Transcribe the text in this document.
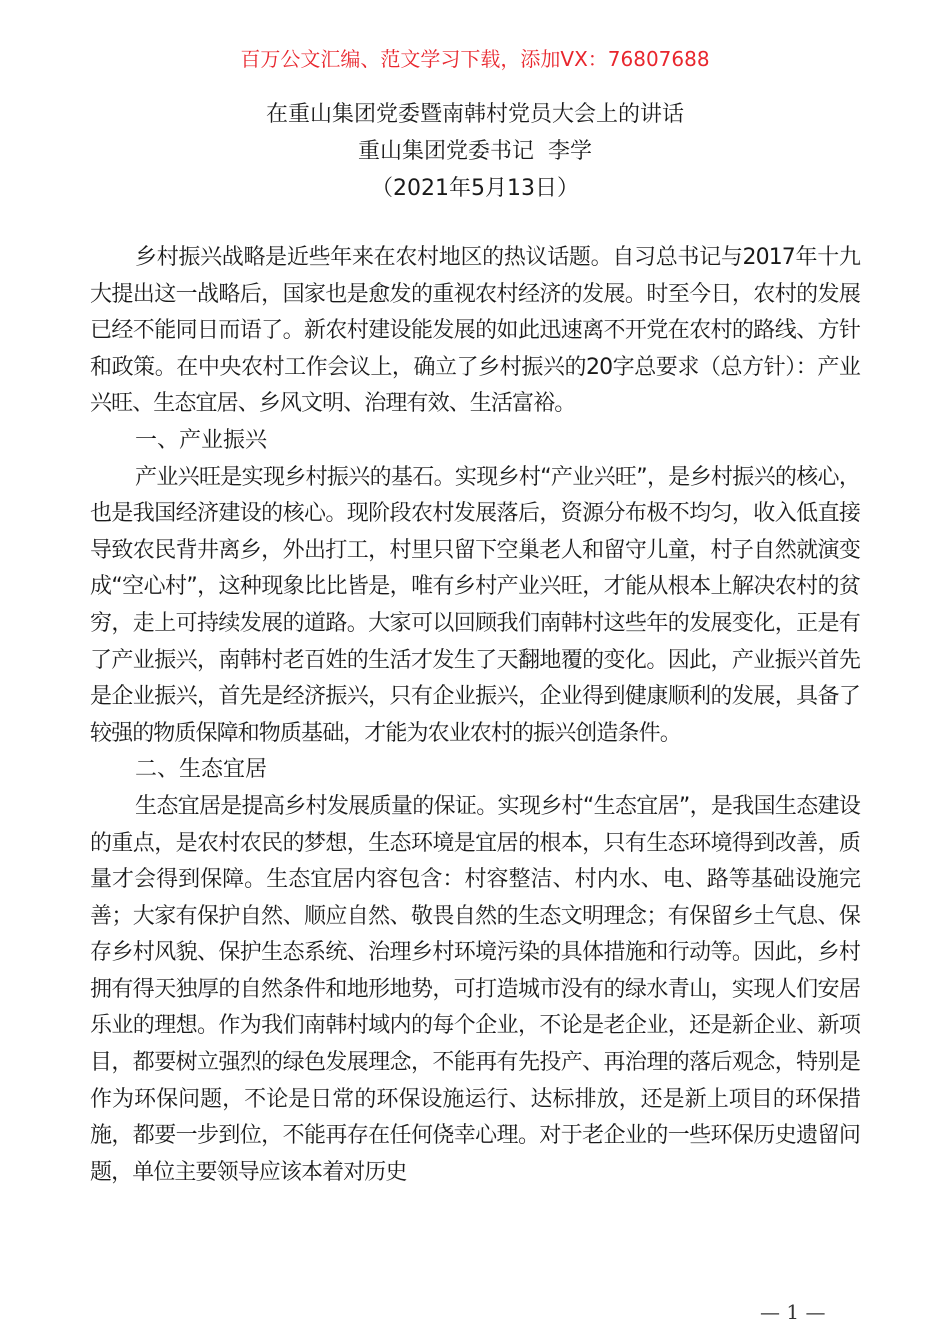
百万公文汇编、范文学习下载，添加VX：76807688
在重山集团党委暨南韩村党员大会上的讲话
重山集团党委书记  李学
（2021年5月13日）

乡村振兴战略是近些年来在农村地区的热议话题。自习总书记与2017年十九大提出这一战略后，国家也是愈发的重视农村经济的发展。时至今日，农村的发展已经不能同日而语了。新农村建设能发展的如此迅速离不开党在农村的路线、方针和政策。在中央农村工作会议上，确立了乡村振兴的20字总要求（总方针）：产业兴旺、生态宜居、乡风文明、治理有效、生活富裕。

一、产业振兴

产业兴旺是实现乡村振兴的基石。实现乡村“产业兴旺”，是乡村振兴的核心，也是我国经济建设的核心。现阶段农村发展落后，资源分布极不均匀，收入低直接导致农民背井离乡，外出打工，村里只留下空巢老人和留守儿童，村子自然就演变成“空心村”，这种现象比比皆是，唯有乡村产业兴旺，才能从根本上解决农村的贫穷，走上可持续发展的道路。大家可以回顾我们南韩村这些年的发展变化，正是有了产业振兴，南韩村老百姓的生活才发生了天翻地覆的变化。因此，产业振兴首先是企业振兴，首先是经济振兴，只有企业振兴，企业得到健康顺利的发展，具备了较强的物质保障和物质基础，才能为农业农村的振兴创造条件。

二、生态宜居

生态宜居是提高乡村发展质量的保证。实现乡村“生态宜居”，是我国生态建设的重点，是农村农民的梦想，生态环境是宜居的根本，只有生态环境得到改善，质量才会得到保障。生态宜居内容包含：村容整洁、村内水、电、路等基础设施完善；大家有保护自然、顺应自然、敬畏自然的生态文明理念；有保留乡土气息、保存乡村风貌、保护生态系统、治理乡村环境污染的具体措施和行动等。因此，乡村拥有得天独厚的自然条件和地形地势，可打造城市没有的绿水青山，实现人们安居乐业的理想。作为我们南韩村域内的每个企业，不论是老企业，还是新企业、新项目，都要树立强烈的绿色发展理念，不能再有先投产、再治理的落后观念，特别是作为环保问题，不论是日常的环保设施运行、达标排放，还是新上项目的环保措施，都要一步到位，不能再存在任何侥幸心理。对于老企业的一些环保历史遗留问题，单位主要领导应该本着对历史

— 1 —
